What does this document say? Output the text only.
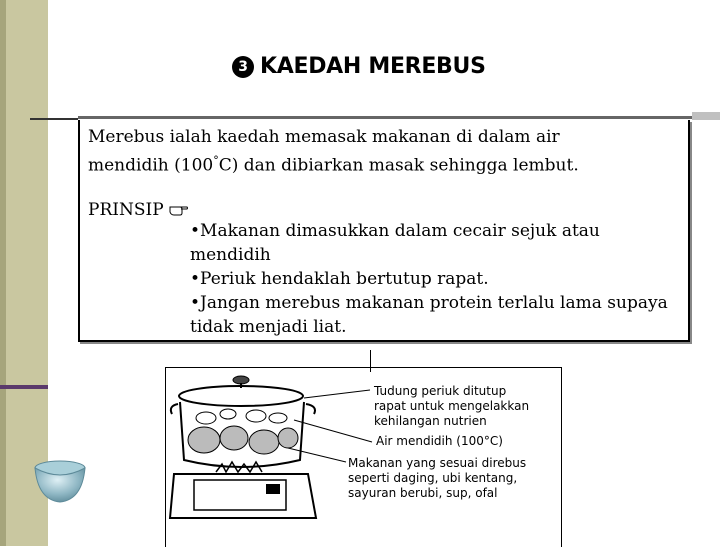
3 KAEDAH MEREBUS
Merebus ialah kaedah memasak makanan di dalam air
mendidih (100°C) dan dibiarkan masak sehingga lembut.
PRINSIP
•Makanan dimasukkan dalam cecair sejuk atau mendidih
•Periuk hendaklah bertutup rapat.
•Jangan merebus makanan protein terlalu lama supaya tidak menjadi liat.
Tudung periuk ditutup
rapat untuk mengelakkan
kehilangan nutrien
Air mendidih (100°C)
Makanan yang sesuai direbus
seperti daging, ubi kentang,
sayuran berubi, sup, ofal
